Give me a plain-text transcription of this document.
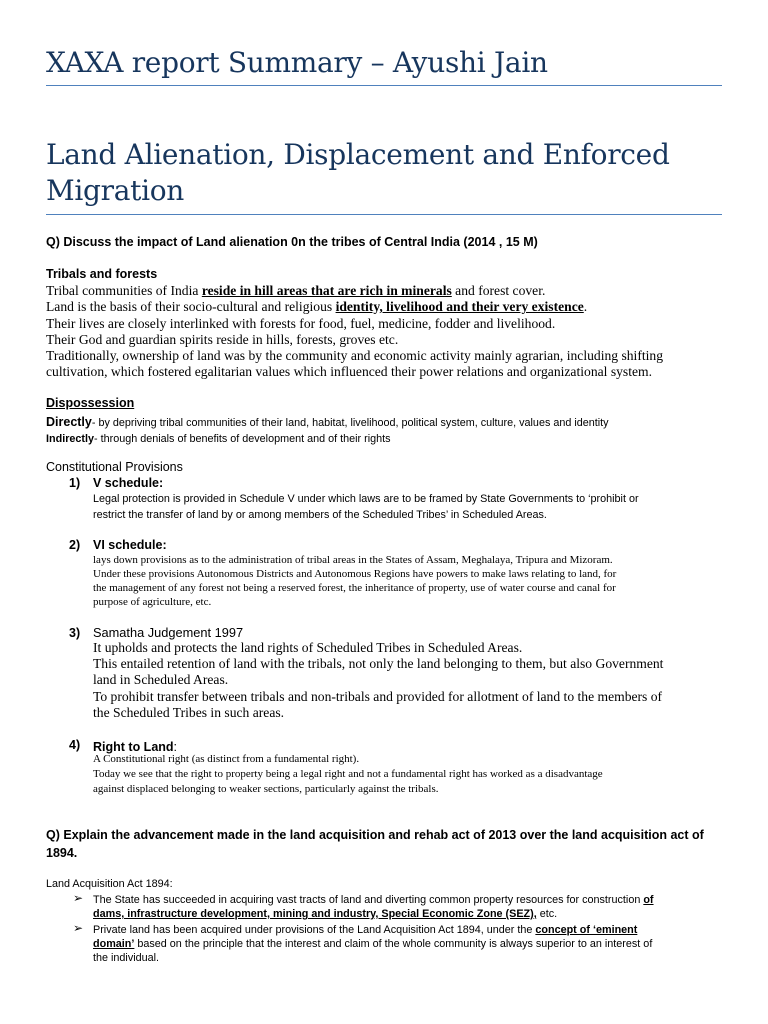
XAXA report Summary – Ayushi Jain
Land Alienation, Displacement and Enforced
Migration
Q) Discuss the impact of Land alienation 0n the tribes of Central India (2014 , 15 M)
Tribals and forests
Tribal communities of India reside in hill areas that are rich in minerals and forest cover.
Land is the basis of their socio-cultural and religious identity, livelihood and their very existence.
Their lives are closely interlinked with forests for food, fuel, medicine, fodder and livelihood.
Their God and guardian spirits reside in hills, forests, groves etc.
Traditionally, ownership of land was by the community and economic activity mainly agrarian, including shifting
cultivation, which fostered egalitarian values which influenced their power relations and organizational system.
Dispossession
Directly- by depriving tribal communities of their land, habitat, livelihood, political system, culture, values and identity
Indirectly- through denials of benefits of development and of their rights
Constitutional Provisions
1) V schedule:
Legal protection is provided in Schedule V under which laws are to be framed by State Governments to ‘prohibit or
restrict the transfer of land by or among members of the Scheduled Tribes’ in Scheduled Areas.
2) VI schedule:
lays down provisions as to the administration of tribal areas in the States of Assam, Meghalaya, Tripura and Mizoram.
Under these provisions Autonomous Districts and Autonomous Regions have powers to make laws relating to land, for
the management of any forest not being a reserved forest, the inheritance of property, use of water course and canal for
purpose of agriculture, etc.
3) Samatha Judgement 1997
It upholds and protects the land rights of Scheduled Tribes in Scheduled Areas.
This entailed retention of land with the tribals, not only the land belonging to them, but also Government
land in Scheduled Areas.
To prohibit transfer between tribals and non-tribals and provided for allotment of land to the members of
the Scheduled Tribes in such areas.
4) Right to Land:
A Constitutional right (as distinct from a fundamental right).
Today we see that the right to property being a legal right and not a fundamental right has worked as a disadvantage
against displaced belonging to weaker sections, particularly against the tribals.
Q) Explain the advancement made in the land acquisition and rehab act of 2013 over the land acquisition act of
1894.
Land Acquisition Act 1894:
➢ The State has succeeded in acquiring vast tracts of land and diverting common property resources for construction of
dams, infrastructure development, mining and industry, Special Economic Zone (SEZ), etc.
➢ Private land has been acquired under provisions of the Land Acquisition Act 1894, under the concept of ‘eminent
domain’ based on the principle that the interest and claim of the whole community is always superior to an interest of
the individual.
